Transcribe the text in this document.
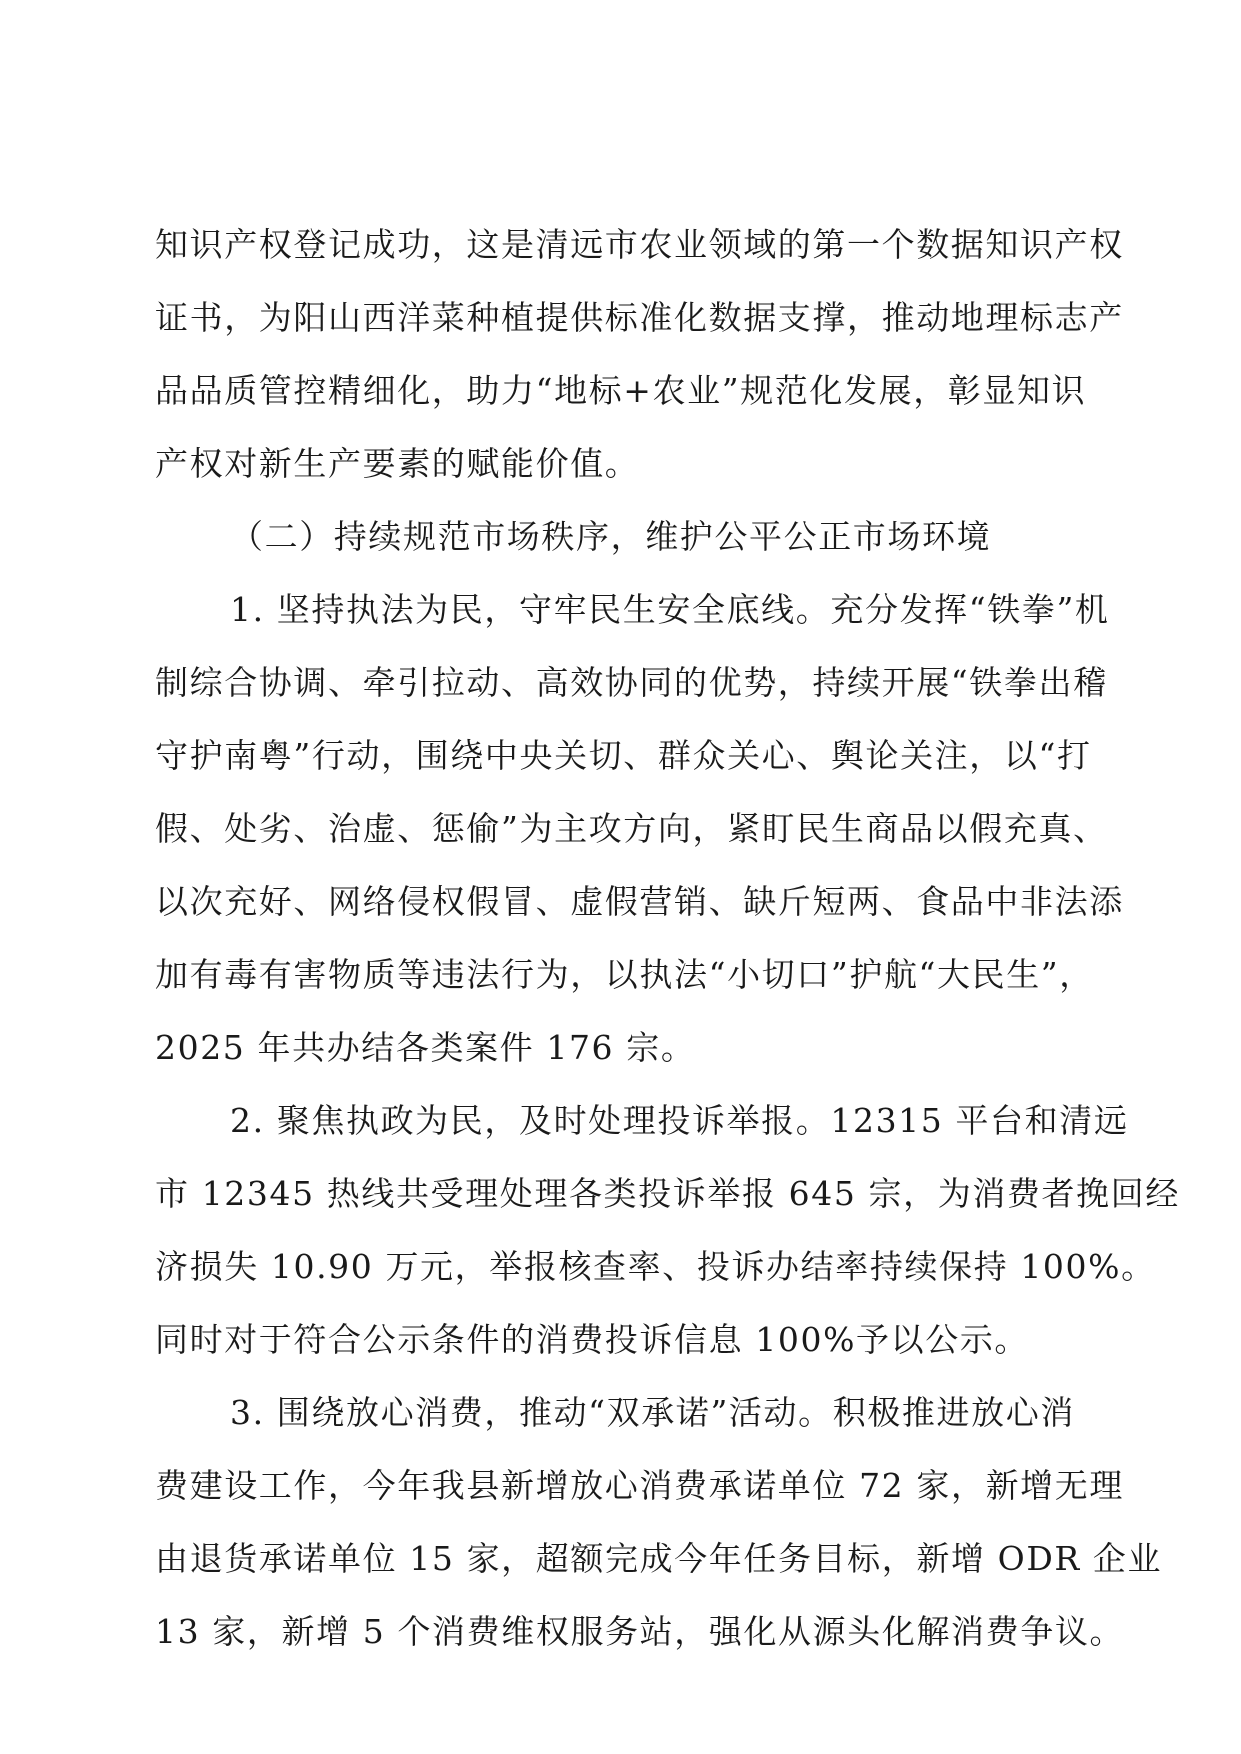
知识产权登记成功，这是清远市农业领域的第一个数据知识产权
证书，为阳山西洋菜种植提供标准化数据支撑，推动地理标志产
品品质管控精细化，助力“地标+农业”规范化发展，彰显知识
产权对新生产要素的赋能价值。
（二）持续规范市场秩序，维护公平公正市场环境
1. 坚持执法为民，守牢民生安全底线。充分发挥“铁拳”机
制综合协调、牵引拉动、高效协同的优势，持续开展“铁拳出稽
守护南粤”行动，围绕中央关切、群众关心、舆论关注，以“打
假、处劣、治虚、惩偷”为主攻方向，紧盯民生商品以假充真、
以次充好、网络侵权假冒、虚假营销、缺斤短两、食品中非法添
加有毒有害物质等违法行为，以执法“小切口”护航“大民生”，
2025 年共办结各类案件 176 宗。
2. 聚焦执政为民，及时处理投诉举报。12315 平台和清远
市 12345 热线共受理处理各类投诉举报 645 宗，为消费者挽回经
济损失 10.90 万元，举报核查率、投诉办结率持续保持 100%。
同时对于符合公示条件的消费投诉信息 100%予以公示。
3. 围绕放心消费，推动“双承诺”活动。积极推进放心消
费建设工作，今年我县新增放心消费承诺单位 72 家，新增无理
由退货承诺单位 15 家，超额完成今年任务目标，新增 ODR 企业
13 家，新增 5 个消费维权服务站，强化从源头化解消费争议。
